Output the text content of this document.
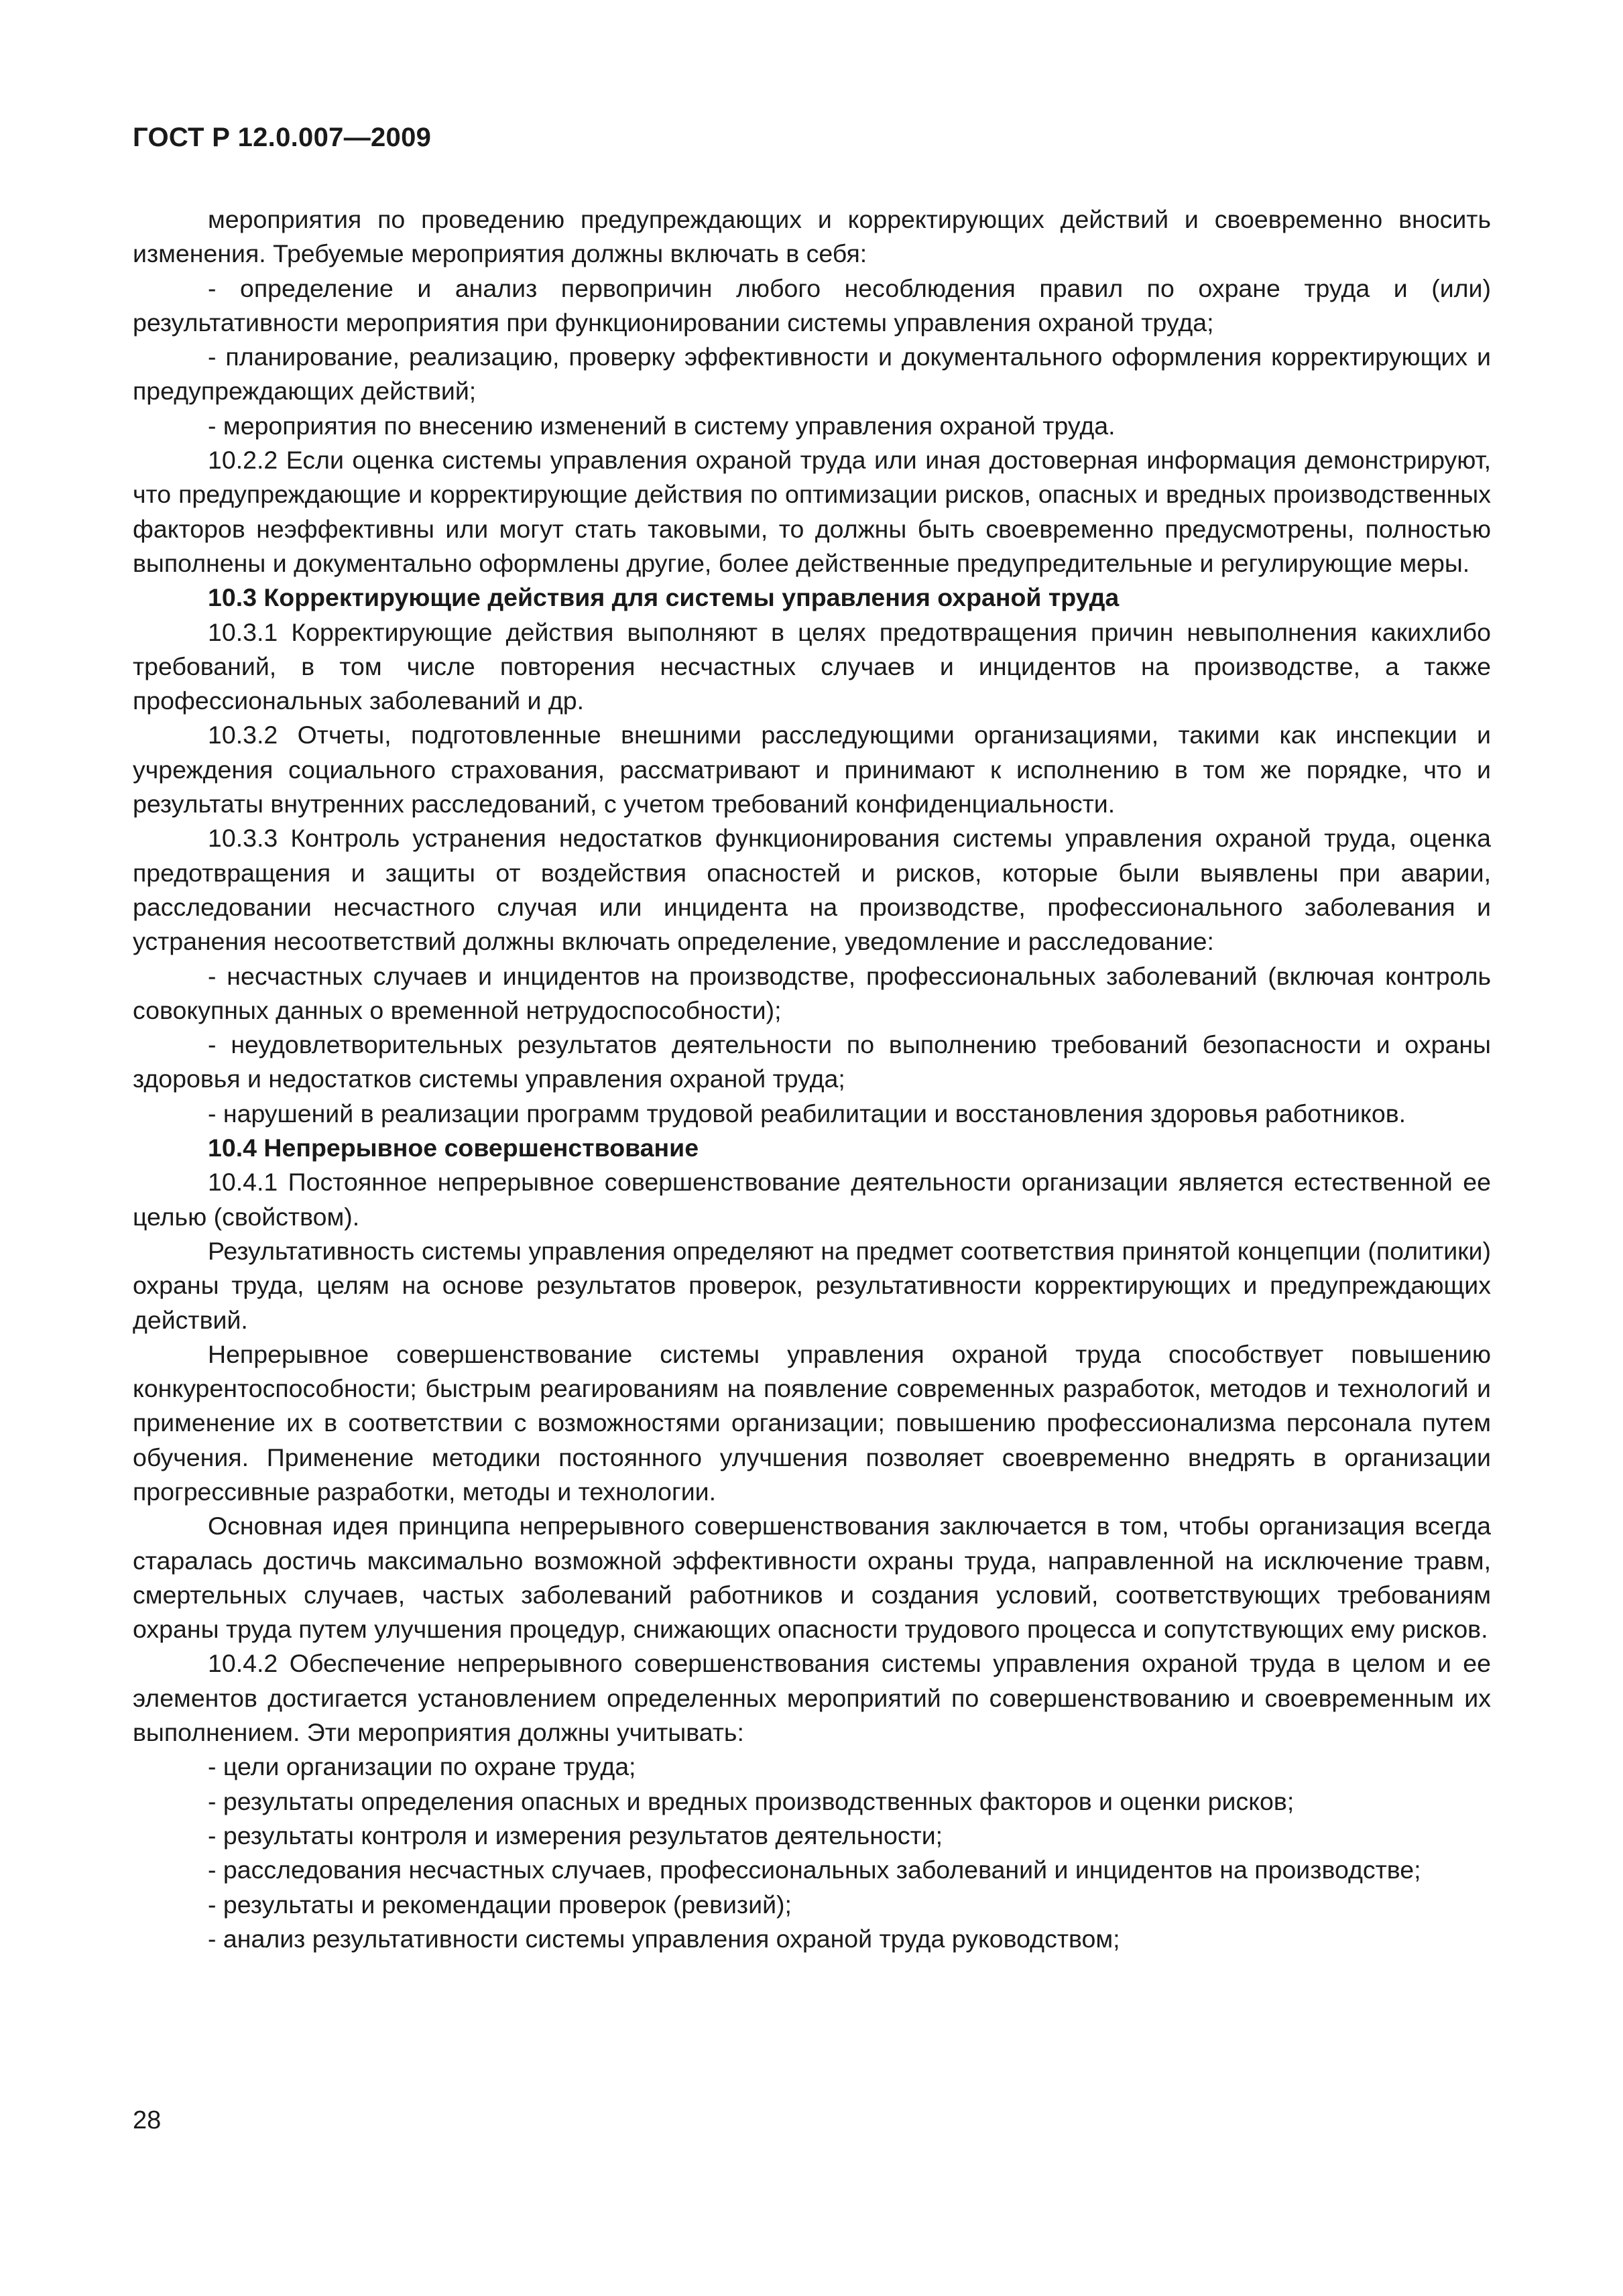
ГОСТ Р 12.0.007—2009

мероприятия по проведению предупреждающих и корректирующих действий и своевременно вносить изменения. Требуемые мероприятия должны включать в себя:

- определение и анализ первопричин любого несоблюдения правил по охране труда и (или) результативности мероприятия при функционировании системы управления охраной труда;

- планирование, реализацию, проверку эффективности и документального оформления корректирующих и предупреждающих действий;

- мероприятия по внесению изменений в систему управления охраной труда.

10.2.2 Если оценка системы управления охраной труда или иная достоверная информация демонстрируют, что предупреждающие и корректирующие действия по оптимизации рисков, опасных и вредных производственных факторов неэффективны или могут стать таковыми, то должны быть своевременно предусмотрены, полностью выполнены и документально оформлены другие, более действенные предупредительные и регулирующие меры.

10.3 Корректирующие действия для системы управления охраной труда

10.3.1 Корректирующие действия выполняют в целях предотвращения причин невыполнения какихлибо требований, в том числе повторения несчастных случаев и инцидентов на производстве, а также профессиональных заболеваний и др.

10.3.2 Отчеты, подготовленные внешними расследующими организациями, такими как инспекции и учреждения социального страхования, рассматривают и принимают к исполнению в том же порядке, что и результаты внутренних расследований, с учетом требований конфиденциальности.

10.3.3 Контроль устранения недостатков функционирования системы управления охраной труда, оценка предотвращения и защиты от воздействия опасностей и рисков, которые были выявлены при аварии, расследовании несчастного случая или инцидента на производстве, профессионального заболевания и устранения несоответствий должны включать определение, уведомление и расследование:

- несчастных случаев и инцидентов на производстве, профессиональных заболеваний (включая контроль совокупных данных о временной нетрудоспособности);

- неудовлетворительных результатов деятельности по выполнению требований безопасности и охраны здоровья и недостатков системы управления охраной труда;

- нарушений в реализации программ трудовой реабилитации и восстановления здоровья работников.

10.4 Непрерывное совершенствование

10.4.1 Постоянное непрерывное совершенствование деятельности организации является естественной ее целью (свойством).

Результативность системы управления определяют на предмет соответствия принятой концепции (политики) охраны труда, целям на основе результатов проверок, результативности корректирующих и предупреждающих действий.

Непрерывное совершенствование системы управления охраной труда способствует повышению конкурентоспособности; быстрым реагированиям на появление современных разработок, методов и технологий и применение их в соответствии с возможностями организации; повышению профессионализма персонала путем обучения. Применение методики постоянного улучшения позволяет своевременно внедрять в организации прогрессивные разработки, методы и технологии.

Основная идея принципа непрерывного совершенствования заключается в том, чтобы организация всегда старалась достичь максимально возможной эффективности охраны труда, направленной на исключение травм, смертельных случаев, частых заболеваний работников и создания условий, соответствующих требованиям охраны труда путем улучшения процедур, снижающих опасности трудового процесса и сопутствующих ему рисков.

10.4.2 Обеспечение непрерывного совершенствования системы управления охраной труда в целом и ее элементов достигается установлением определенных мероприятий по совершенствованию и своевременным их выполнением. Эти мероприятия должны учитывать:

- цели организации по охране труда;

- результаты определения опасных и вредных производственных факторов и оценки рисков;

- результаты контроля и измерения результатов деятельности;

- расследования несчастных случаев, профессиональных заболеваний и инцидентов на производстве;

- результаты и рекомендации проверок (ревизий);

- анализ результативности системы управления охраной труда руководством;

28
